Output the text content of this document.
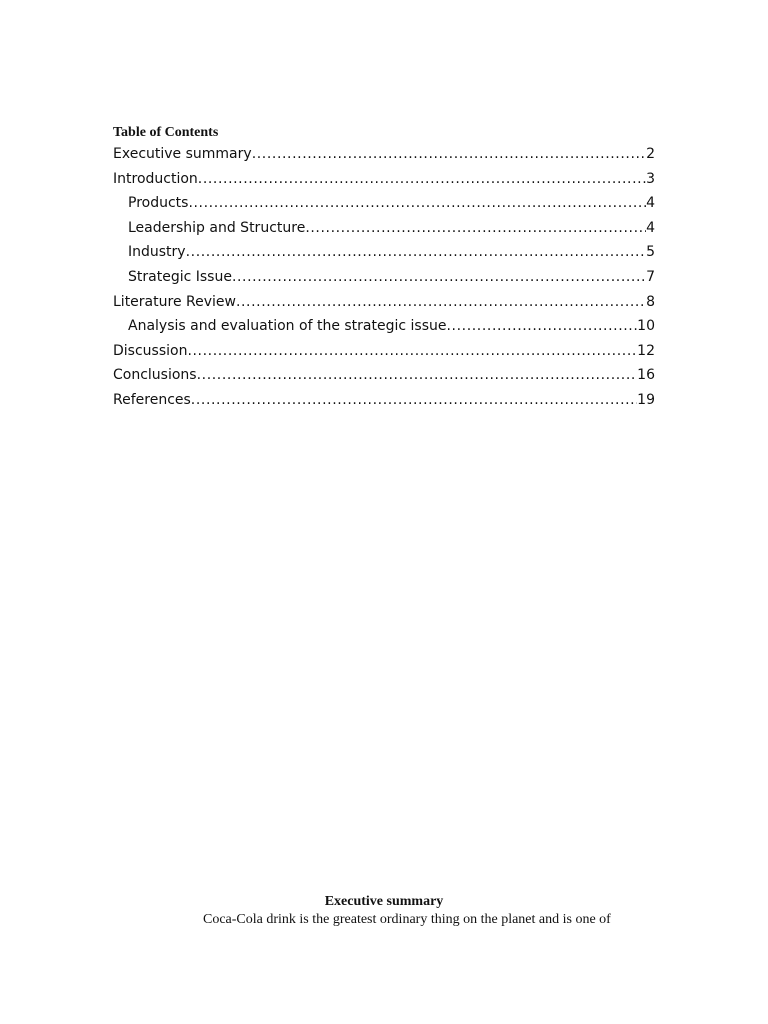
Table of Contents
Executive summary .....	2
Introduction .....	3
Products .....	4
Leadership and Structure .....	4
Industry .....	5
Strategic Issue .....	7
Literature Review .....	8
Analysis and evaluation of the strategic issue .....	10
Discussion .....	12
Conclusions .....	16
References .....	19
Executive summary
Coca-Cola drink is the greatest ordinary thing on the planet and is one of
